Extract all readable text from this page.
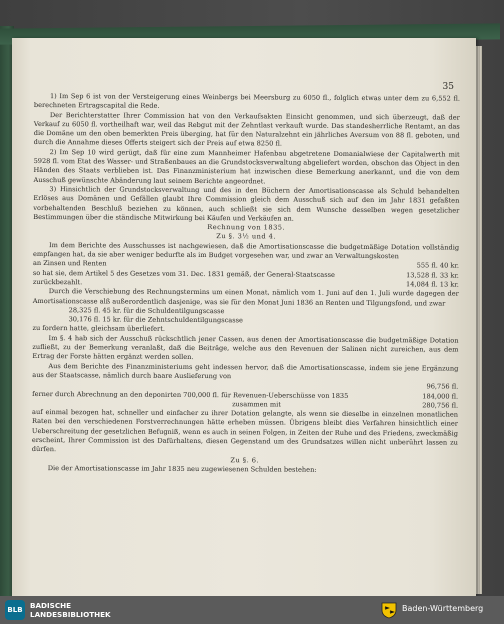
35

1) Im Sep 6 ist von der Versteigerung eines Weinbergs bei Meersburg zu 6050 fl., folglich etwas unter dem zu 6,552 fl. berechneten Ertragscapital die Rede.

Der Berichterstatter Ihrer Commission hat von den Verkaufsakten Einsicht genommen, und sich überzeugt, daß der Verkauf zu 6050 fl. vortheilhaft war, weil das Rebgut mit der Zehntlast verkauft wurde. Das standesherrliche Rentamt, an das die Domäne um den oben bemerkten Preis überging, hat für den Naturalzehnt ein jährliches Aversum von 88 fl. geboten, und durch die Annahme dieses Offerts steigert sich der Preis auf etwa 8250 fl.

2) Im Sep 10 wird gerügt, daß für eine zum Mannheimer Hafenbau abgetretene Domanialwiese der Capitalwerth mit 5928 fl. vom Etat des Wasser- und Straßenbaues an die Grundstocksverwaltung abgeliefert worden, obschon das Object in den Händen des Staats verblieben ist. Das Finanzministerium hat inzwischen diese Bemerkung anerkannt, und die von dem Ausschuß gewünschte Abänderung laut seinem Berichte angeordnet.

3) Hinsichtlich der Grundstocksverwaltung und des in den Büchern der Amortisationscasse als Schuld behandelten Erlöses aus Domänen und Gefällen glaubt Ihre Commission gleich dem Ausschuß sich auf den im Jahr 1831 gefaßten vorbehaltenden Beschluß beziehen zu können, auch schließt sie sich dem Wunsche desselben wegen gesetzlicher Bestimmungen über die ständische Mitwirkung bei Käufen und Verkäufen an.

Rechnung von 1835.

Zu §. 3½ und 4.

Im dem Berichte des Ausschusses ist nachgewiesen, daß die Amortisationscasse die budgetmäßige Dotation vollständig empfangen hat, da sie aber weniger bedurfte als im Budget vorgesehen war, und zwar an Verwaltungskosten

an Zinsen und Renten	555 fl. 40 kr.
so hat sie, dem Artikel 5 des Gesetzes vom 31. Dec. 1831 gemäß, der General-Staatscasse	13,528 fl. 33 kr.
zurückbezahlt.	14,084 fl. 13 kr.

Durch die Verschiebung des Rechnungstermins um einen Monat, nämlich vom 1. Juni auf den 1. Juli wurde dagegen der Amortisationscasse alß außerordentlich dasjenige, was sie für den Monat Juni 1836 an Renten und Tilgungsfond, und zwar

28,325 fl. 45 kr. für die Schuldentilgungscasse

30,176 fl. 15 kr. für die Zehntschuldentilgungscasse

zu fordern hatte, gleichsam überliefert.

Im §. 4 hab sich der Ausschuß rückschtlich jener Cassen, aus denen der Amortisationscasse die budgetmäßige Dotation zufließt, zu der Bemerkung veranlaßt, daß die Beiträge, welche aus den Revenuen der Salinen nicht zureichen, aus dem Ertrag der Forste hätten ergänzt werden sollen.

Aus dem Berichte des Finanzministeriums geht indessen hervor, daß die Amortisationscasse, indem sie jene Ergänzung aus der Staatscasse, nämlich durch baare Auslieferung von

96,756 fl.
ferner durch Abrechnung an den deponirten 700,000 fl. für Revenuen-Ueberschüsse von 1835	184,000 fl.
zusammen mit	280,756 fl.

auf einmal bezogen hat, schneller und einfacher zu ihrer Dotation gelangte, als wenn sie dieselbe in einzelnen monatlichen Raten bei den verschiedenen Forstverrechnungen hätte erheben müssen. Übrigens bleibt dies Verfahren hinsichtlich einer Ueberschreitung der gesetzlichen Befugniß, wenn es auch in seinen Folgen, in Zeiten der Ruhe und des Friedens, zweckmäßig erscheint, Ihrer Commission ist des Dafürhaltens, diesen Gegenstand um des Grundsatzes willen nicht unberührt lassen zu dürfen.

Zu §. 6.

Die der Amortisationscasse im Jahr 1835 neu zugewiesenen Schulden bestehen:

BLB	BADISCHE
LANDESBIBLIOTHEK
Baden-Württemberg
